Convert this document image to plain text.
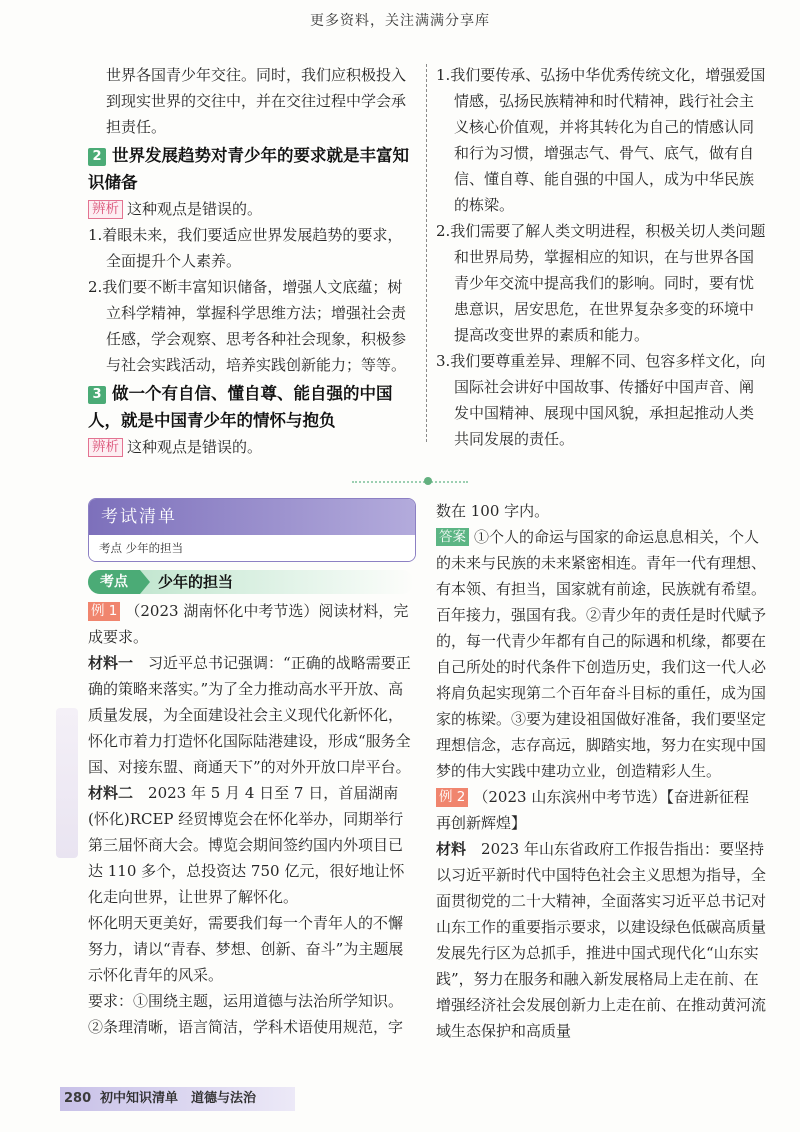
更多资料，关注满满分享库

世界各国青少年交往。同时，我们应积极投入到现实世界的交往中，并在交往过程中学会承担责任。

2 世界发展趋势对青少年的要求就是丰富知识储备

辨析 这种观点是错误的。

1.着眼未来，我们要适应世界发展趋势的要求，全面提升个人素养。

2.我们要不断丰富知识储备，增强人文底蕴；树立科学精神，掌握科学思维方法；增强社会责任感，学会观察、思考各种社会现象，积极参与社会实践活动，培养实践创新能力；等等。

3 做一个有自信、懂自尊、能自强的中国人，就是中国青少年的情怀与抱负

辨析 这种观点是错误的。

1.我们要传承、弘扬中华优秀传统文化，增强爱国情感，弘扬民族精神和时代精神，践行社会主义核心价值观，并将其转化为自己的情感认同和行为习惯，增强志气、骨气、底气，做有自信、懂自尊、能自强的中国人，成为中华民族的栋梁。

2.我们需要了解人类文明进程，积极关切人类问题和世界局势，掌握相应的知识，在与世界各国青少年交流中提高我们的影响。同时，要有忧患意识，居安思危，在世界复杂多变的环境中提高改变世界的素质和能力。

3.我们要尊重差异、理解不同、包容多样文化，向国际社会讲好中国故事、传播好中国声音、阐发中国精神、展现中国风貌，承担起推动人类共同发展的责任。

考试清单
考点 少年的担当
考点	少年的担当

例 1 （2023 湖南怀化中考节选）阅读材料，完成要求。

材料一　 习近平总书记强调：“正确的战略需要正确的策略来落实。”为了全力推动高水平开放、高质量发展，为全面建设社会主义现代化新怀化，怀化市着力打造怀化国际陆港建设，形成“服务全国、对接东盟、商通天下”的对外开放口岸平台。

材料二　 2023 年 5 月 4 日至 7 日，首届湖南(怀化)RCEP 经贸博览会在怀化举办，同期举行第三届怀商大会。博览会期间签约国内外项目已达 110 多个，总投资达 750 亿元，很好地让怀化走向世界，让世界了解怀化。

怀化明天更美好，需要我们每一个青年人的不懈努力，请以“青春、梦想、创新、奋斗”为主题展示怀化青年的风采。

要求：①围绕主题，运用道德与法治所学知识。②条理清晰，语言简洁，学科术语使用规范，字

数在 100 字内。

答案 ①个人的命运与国家的命运息息相关，个人的未来与民族的未来紧密相连。青年一代有理想、有本领、有担当，国家就有前途，民族就有希望。百年接力，强国有我。②青少年的责任是时代赋予的，每一代青少年都有自己的际遇和机缘，都要在自己所处的时代条件下创造历史，我们这一代人必将肩负起实现第二个百年奋斗目标的重任，成为国家的栋梁。③要为建设祖国做好准备，我们要坚定理想信念，志存高远，脚踏实地，努力在实现中国梦的伟大实践中建功立业，创造精彩人生。

例 2 （2023 山东滨州中考节选）【奋进新征程 再创新辉煌】

材料　 2023 年山东省政府工作报告指出：要坚持以习近平新时代中国特色社会主义思想为指导，全面贯彻党的二十大精神，全面落实习近平总书记对山东工作的重要指示要求，以建设绿色低碳高质量发展先行区为总抓手，推进中国式现代化“山东实践”，努力在服务和融入新发展格局上走在前、在增强经济社会发展创新力上走在前、在推动黄河流域生态保护和高质量

280 初中知识清单　道德与法治
